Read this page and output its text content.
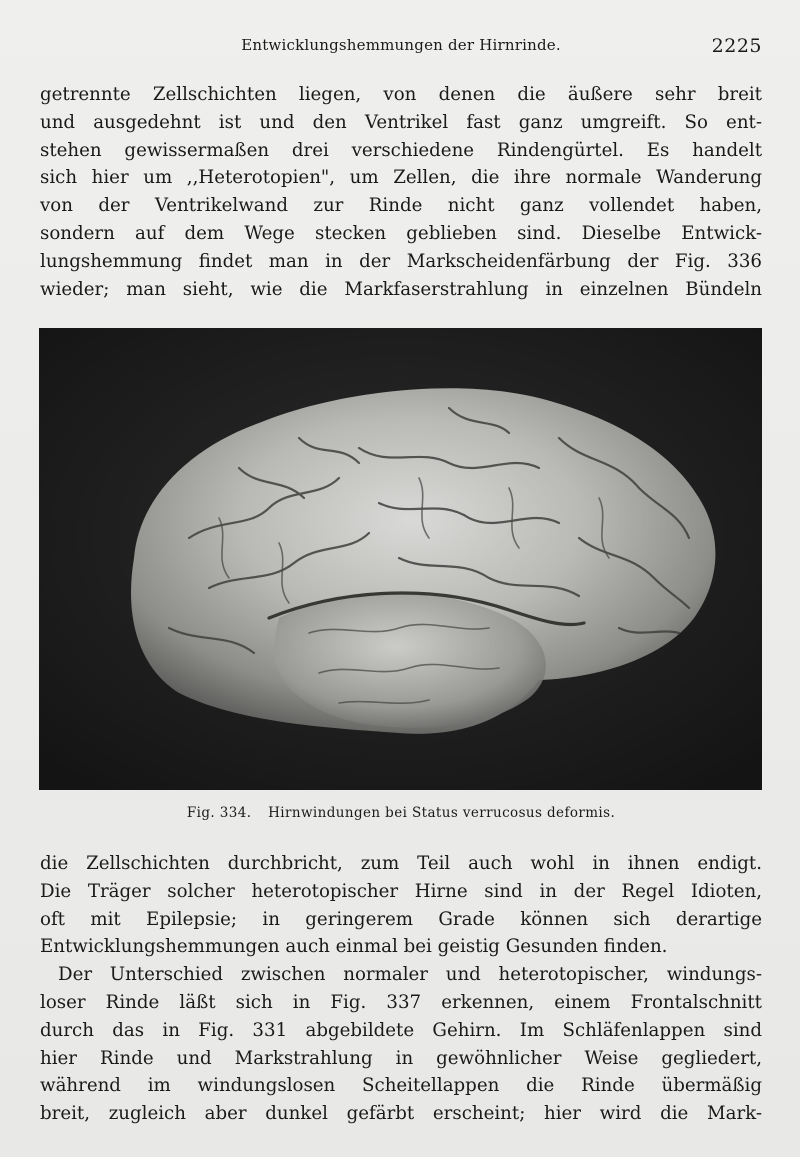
Entwicklungshemmungen der Hirnrinde.	2225
getrennte Zellschichten liegen, von denen die äußere sehr breit
und ausgedehnt ist und den Ventrikel fast ganz umgreift. So ent-
stehen gewissermaßen drei verschiedene Rindengürtel. Es handelt
sich hier um ,,Heterotopien", um Zellen, die ihre normale Wanderung
von der Ventrikelwand zur Rinde nicht ganz vollendet haben,
sondern auf dem Wege stecken geblieben sind. Dieselbe Entwick-
lungshemmung findet man in der Markscheidenfärbung der Fig. 336
wieder; man sieht, wie die Markfaserstrahlung in einzelnen Bündeln
Fig. 334. Hirnwindungen bei Status verrucosus deformis.
die Zellschichten durchbricht, zum Teil auch wohl in ihnen endigt.
Die Träger solcher heterotopischer Hirne sind in der Regel Idioten,
oft mit Epilepsie; in geringerem Grade können sich derartige
Entwicklungshemmungen auch einmal bei geistig Gesunden finden.
Der Unterschied zwischen normaler und heterotopischer, windungs-
loser Rinde läßt sich in Fig. 337 erkennen, einem Frontalschnitt
durch das in Fig. 331 abgebildete Gehirn. Im Schläfenlappen sind
hier Rinde und Markstrahlung in gewöhnlicher Weise gegliedert,
während im windungslosen Scheitellappen die Rinde übermäßig
breit, zugleich aber dunkel gefärbt erscheint; hier wird die Mark-
